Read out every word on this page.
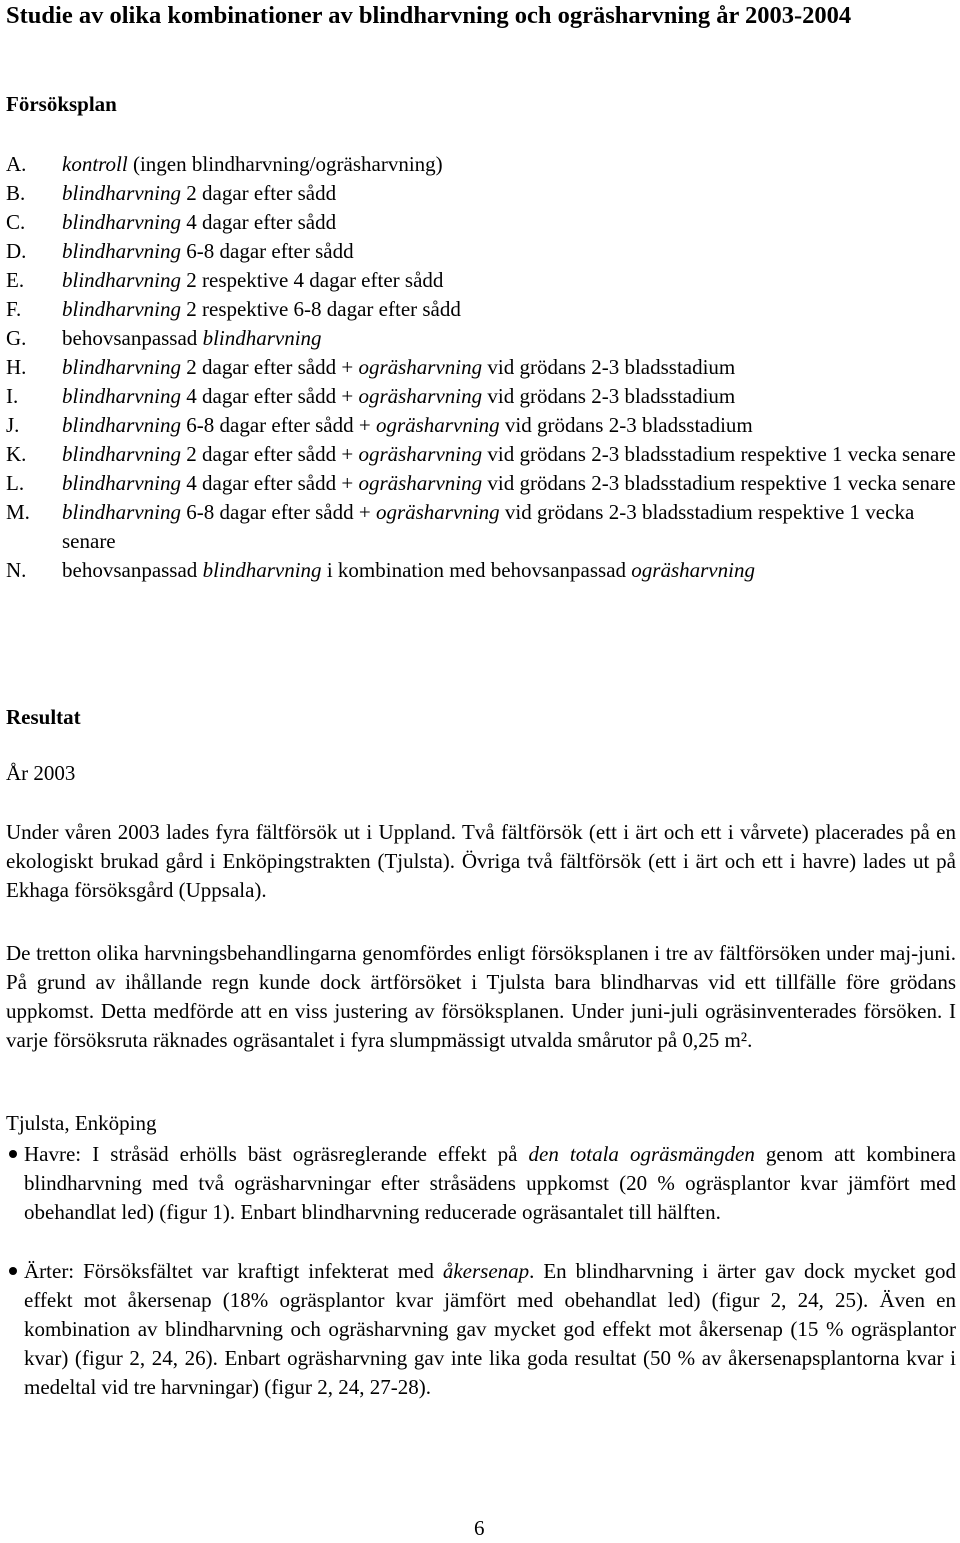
Studie av olika kombinationer av blindharvning och ogräsharvning år 2003-2004

Försöksplan

A. kontroll (ingen blindharvning/ogräsharvning)
B. blindharvning 2 dagar efter sådd
C. blindharvning 4 dagar efter sådd
D. blindharvning 6-8 dagar efter sådd
E. blindharvning 2 respektive 4 dagar efter sådd
F. blindharvning 2 respektive 6-8 dagar efter sådd
G. behovsanpassad blindharvning
H. blindharvning 2 dagar efter sådd + ogräsharvning vid grödans 2-3 bladsstadium
I. blindharvning 4 dagar efter sådd + ogräsharvning vid grödans 2-3 bladsstadium
J. blindharvning 6-8 dagar efter sådd + ogräsharvning vid grödans 2-3 bladsstadium
K. blindharvning 2 dagar efter sådd + ogräsharvning vid grödans 2-3 bladsstadium respektive 1 vecka senare
L. blindharvning 4 dagar efter sådd + ogräsharvning vid grödans 2-3 bladsstadium respektive 1 vecka senare
M. blindharvning 6-8 dagar efter sådd + ogräsharvning vid grödans 2-3 bladsstadium respektive 1 vecka senare
N. behovsanpassad blindharvning i kombination med behovsanpassad ogräsharvning

Resultat

År 2003

Under våren 2003 lades fyra fältförsök ut i Uppland. Två fältförsök (ett i ärt och ett i vårvete) placerades på en ekologiskt brukad gård i Enköpingstrakten (Tjulsta). Övriga två fältförsök (ett i ärt och ett i havre) lades ut på Ekhaga försöksgård (Uppsala).

De tretton olika harvningsbehandlingarna genomfördes enligt försöksplanen i tre av fältförsöken under maj-juni. På grund av ihållande regn kunde dock ärtförsöket i Tjulsta bara blindharvas vid ett tillfälle före grödans uppkomst. Detta medförde att en viss justering av försöksplanen. Under juni-juli ogräsinventerades försöken. I varje försöksruta räknades ogräsantalet i fyra slumpmässigt utvalda smårutor på 0,25 m².

Tjulsta, Enköping

Havre: I stråsäd erhölls bäst ogräsreglerande effekt på den totala ogräsmängden genom att kombinera blindharvning med två ogräsharvningar efter stråsädens uppkomst (20 % ogräsplantor kvar jämfört med obehandlat led) (figur 1). Enbart blindharvning reducerade ogräsantalet till hälften.
Ärter: Försöksfältet var kraftigt infekterat med åkersenap. En blindharvning i ärter gav dock mycket god effekt mot åkersenap (18% ogräsplantor kvar jämfört med obehandlat led) (figur 2, 24, 25). Även en kombination av blindharvning och ogräsharvning gav mycket god effekt mot åkersenap (15 % ogräsplantor kvar) (figur 2, 24, 26). Enbart ogräsharvning gav inte lika goda resultat (50 % av åkersenapsplantorna kvar i medeltal vid tre harvningar) (figur 2, 24, 27-28).
6
